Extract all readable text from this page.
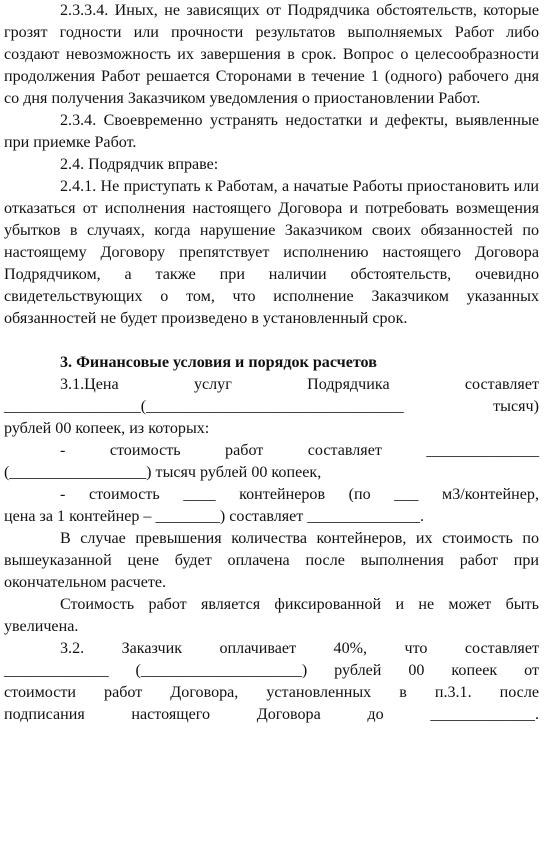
2.3.3.4. Иных, не зависящих от Подрядчика обстоятельств, которые грозят годности или прочности результатов выполняемых Работ либо создают невозможность их завершения в срок. Вопрос о целесообразности продолжения Работ решается Сторонами в течение 1 (одного) рабочего дня со дня получения Заказчиком уведомления о приостановлении Работ.

2.3.4. Своевременно устранять недостатки и дефекты, выявленные при приемке Работ.

2.4. Подрядчик вправе:

2.4.1. Не приступать к Работам, а начатые Работы приостановить или отказаться от исполнения настоящего Договора и потребовать возмещения убытков в случаях, когда нарушение Заказчиком своих обязанностей по настоящему Договору препятствует исполнению настоящего Договора Подрядчиком, а также при наличии обстоятельств, очевидно свидетельствующих о том, что исполнение Заказчиком указанных обязанностей не будет произведено в установленный срок.

3. Финансовые условия и порядок расчетов

3.1.Цена услуг Подрядчика составляет

_________________(________________________________ тысяч)

рублей 00 копеек, из которых:

- стоимость работ составляет ______________

(_________________) тысяч рублей 00 копеек,

- стоимость ____ контейнеров (по ___ м3/контейнер,

цена за 1 контейнер – ________) составляет ______________.

В случае превышения количества контейнеров, их стоимость по вышеуказанной цене будет оплачена после выполнения работ при окончательном расчете.

Стоимость работ является фиксированной и не может быть увеличена.

3.2. Заказчик оплачивает 40%, что составляет

_____________ (____________________) рублей 00 копеек от

стоимости работ Договора, установленных в п.3.1. после

подписания настоящего Договора до _____________.
